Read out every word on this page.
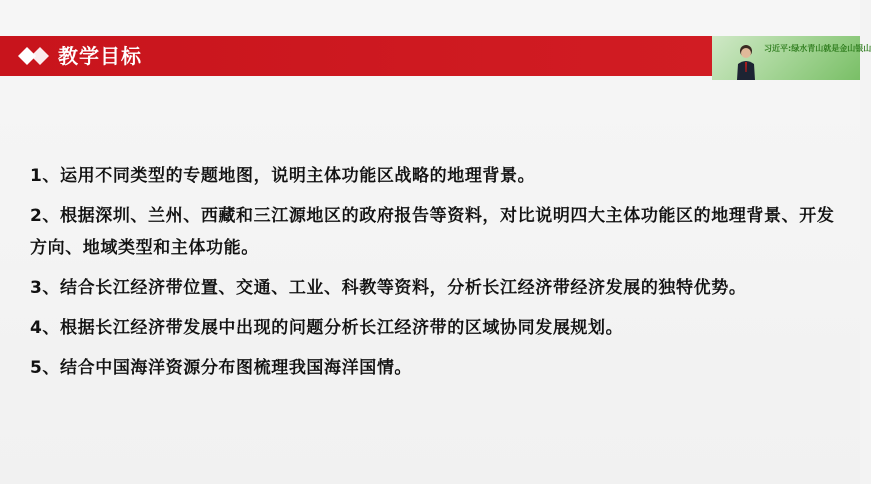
教学目标	习近平:绿水青山就是金山银山

1、运用不同类型的专题地图，说明主体功能区战略的地理背景。

2、根据深圳、兰州、西藏和三江源地区的政府报告等资料，对比说明四大主体功能区的地理背景、开发方向、地域类型和主体功能。

3、结合长江经济带位置、交通、工业、科教等资料，分析长江经济带经济发展的独特优势。

4、根据长江经济带发展中出现的问题分析长江经济带的区域协同发展规划。

5、结合中国海洋资源分布图梳理我国海洋国情。
